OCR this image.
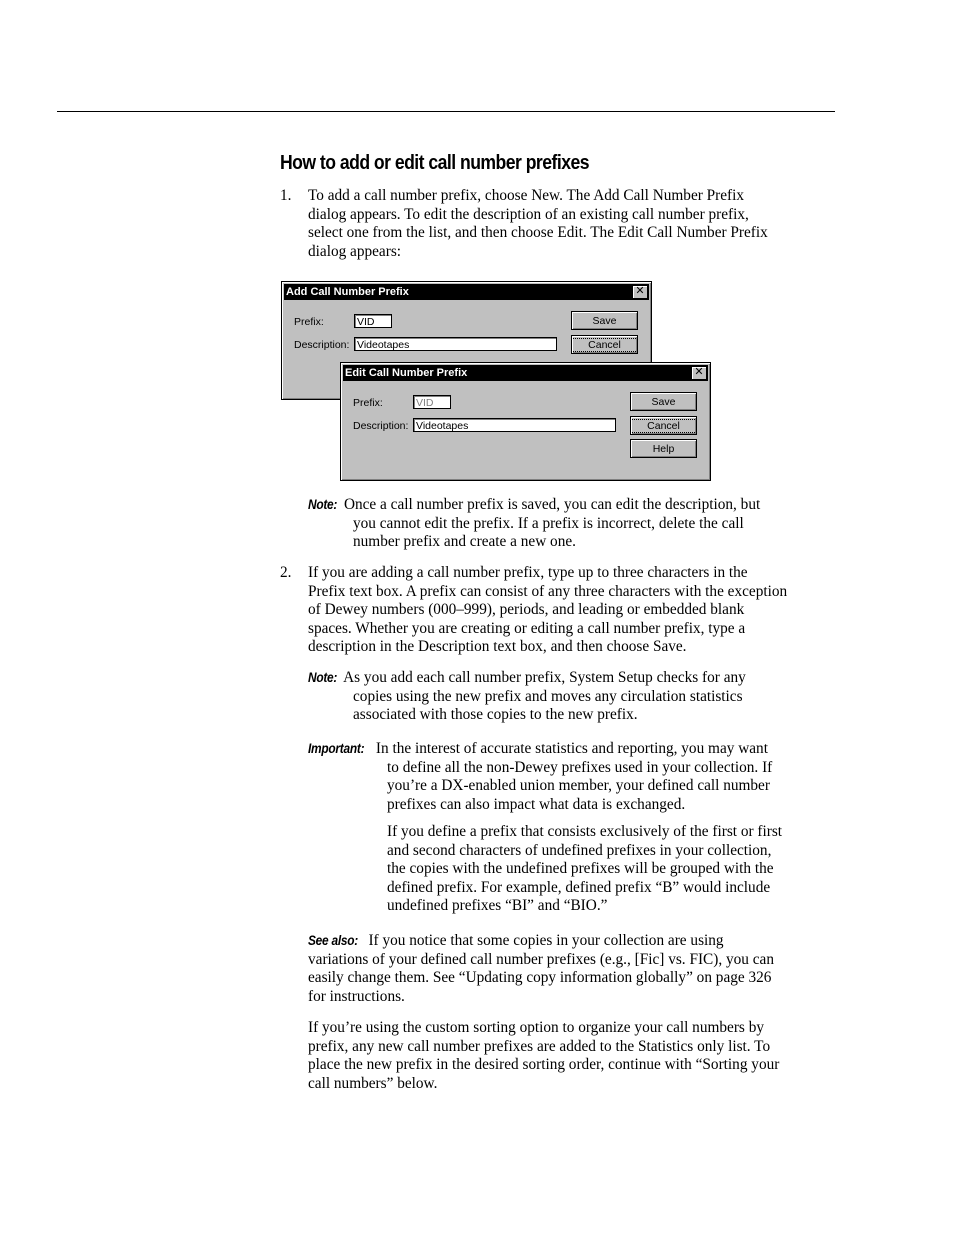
How to add or edit call number prefixes
1. To add a call number prefix, choose New. The Add Call Number Prefix
dialog appears. To edit the description of an existing call number prefix,
select one from the list, and then choose Edit. The Edit Call Number Prefix
dialog appears:
Add Call Number Prefix	✕
Prefix:	VID
Description: Videotapes
Save
Cancel
Edit Call Number Prefix	✕
Prefix:	VID
Description: Videotapes
Save
Cancel
Help
Note: Once a call number prefix is saved, you can edit the description, but
you cannot edit the prefix. If a prefix is incorrect, delete the call
number prefix and create a new one.
2. If you are adding a call number prefix, type up to three characters in the
Prefix text box. A prefix can consist of any three characters with the exception
of Dewey numbers (000–999), periods, and leading or embedded blank
spaces. Whether you are creating or editing a call number prefix, type a
description in the Description text box, and then choose Save.
Note: As you add each call number prefix, System Setup checks for any
copies using the new prefix and moves any circulation statistics
associated with those copies to the new prefix.
Important: In the interest of accurate statistics and reporting, you may want
to define all the non-Dewey prefixes used in your collection. If
you’re a DX-enabled union member, your defined call number
prefixes can also impact what data is exchanged.
If you define a prefix that consists exclusively of the first or first
and second characters of undefined prefixes in your collection,
the copies with the undefined prefixes will be grouped with the
defined prefix. For example, defined prefix “B” would include
undefined prefixes “BI” and “BIO.”
See also: If you notice that some copies in your collection are using
variations of your defined call number prefixes (e.g., [Fic] vs. FIC), you can
easily change them. See “Updating copy information globally” on page 326
for instructions.
If you’re using the custom sorting option to organize your call numbers by
prefix, any new call number prefixes are added to the Statistics only list. To
place the new prefix in the desired sorting order, continue with “Sorting your
call numbers” below.
